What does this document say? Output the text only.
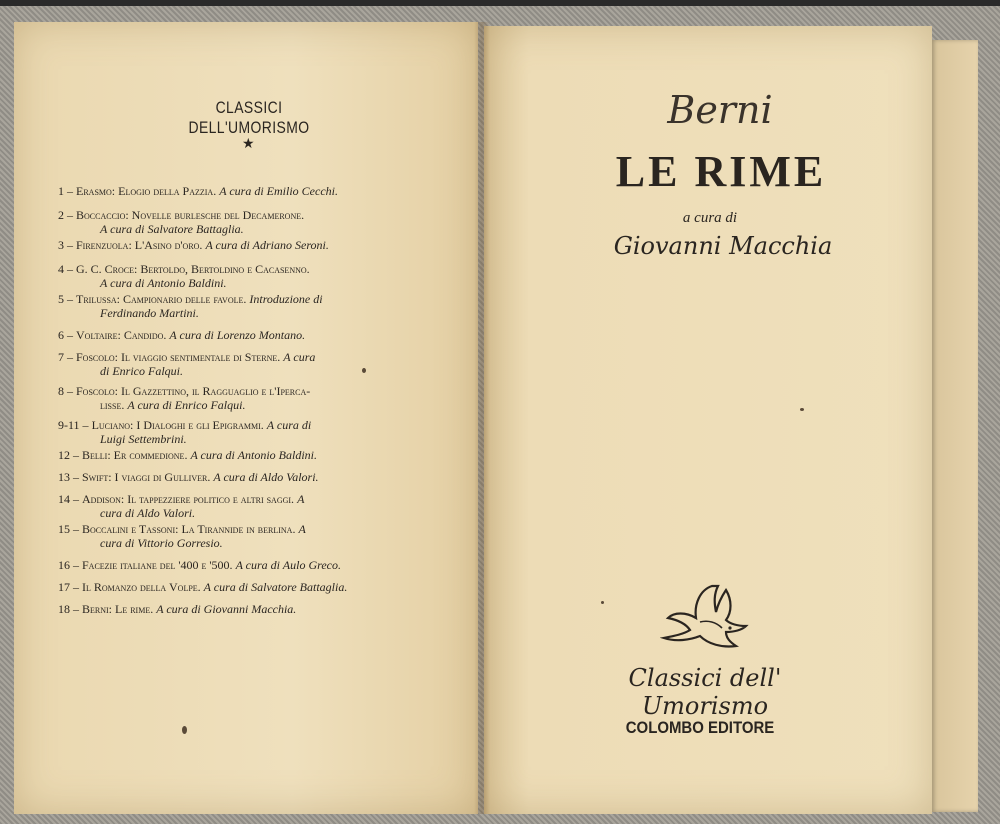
CLASSICI DELL'UMORISMO
★
1 – Erasmo: Elogio della Pazzia. A cura di Emilio Cecchi.
2 – Boccaccio: Novelle burlesche del Decamerone.
A cura di Salvatore Battaglia.
3 – Firenzuola: L'Asino d'oro. A cura di Adriano Seroni.
4 – G. C. Croce: Bertoldo, Bertoldino e Cacasenno.
A cura di Antonio Baldini.
5 – Trilussa: Campionario delle favole. Introduzione di
Ferdinando Martini.
6 – Voltaire: Candido. A cura di Lorenzo Montano.
7 – Foscolo: Il viaggio sentimentale di Sterne. A cura
di Enrico Falqui.
8 – Foscolo: Il Gazzettino, il Ragguaglio e l'Iperca-
lisse. A cura di Enrico Falqui.
9-11 – Luciano: I Dialoghi e gli Epigrammi. A cura di
Luigi Settembrini.
12 – Belli: Er commedione. A cura di Antonio Baldini.
13 – Swift: I viaggi di Gulliver. A cura di Aldo Valori.
14 – Addison: Il tappezziere politico e altri saggi. A
cura di Aldo Valori.
15 – Boccalini e Tassoni: La Tirannide in berlina. A
cura di Vittorio Gorresio.
16 – Facezie italiane del '400 e '500. A cura di Aulo Greco.
17 – Il Romanzo della Volpe. A cura di Salvatore Battaglia.
18 – Berni: Le rime. A cura di Giovanni Macchia.
Berni
LE RIME
a cura di
Giovanni Macchia
Classici dell' Umorismo
COLOMBO EDITORE
